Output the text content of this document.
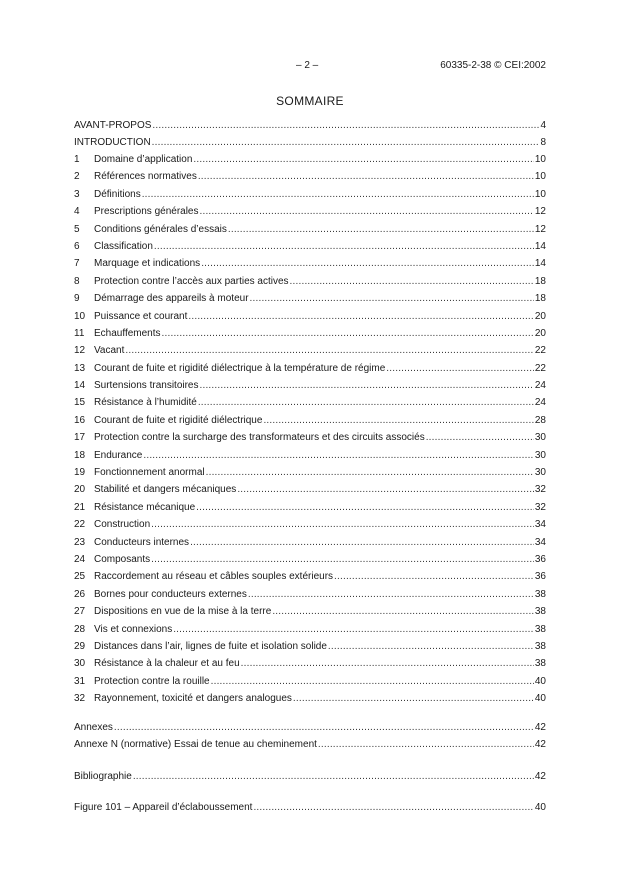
– 2 –	60335-2-38 © CEI:2002
SOMMAIRE
AVANT-PROPOS .....	4
INTRODUCTION .....	8
1	Domaine d’application .....	10
2	Références normatives .....	10
3	Définitions .....	10
4	Prescriptions générales .....	12
5	Conditions générales d’essais .....	12
6	Classification .....	14
7	Marquage et indications .....	14
8	Protection contre l’accès aux parties actives .....	18
9	Démarrage des appareils à moteur .....	18
10 Puissance et courant .....	20
11 Echauffements .....	20
12 Vacant .....	22
13 Courant de fuite et rigidité diélectrique à la température de régime .....	22
14 Surtensions transitoires .....	24
15 Résistance à l’humidité .....	24
16 Courant de fuite et rigidité diélectrique .....	28
17 Protection contre la surcharge des transformateurs et des circuits associés .....	30
18 Endurance .....	30
19 Fonctionnement anormal .....	30
20 Stabilité et dangers mécaniques .....	32
21 Résistance mécanique .....	32
22 Construction .....	34
23 Conducteurs internes .....	34
24 Composants .....	36
25 Raccordement au réseau et câbles souples extérieurs .....	36
26 Bornes pour conducteurs externes .....	38
27 Dispositions en vue de la mise à la terre .....	38
28 Vis et connexions .....	38
29 Distances dans l’air, lignes de fuite et isolation solide .....	38
30 Résistance à la chaleur et au feu .....	38
31 Protection contre la rouille .....	40
32 Rayonnement, toxicité et dangers analogues .....	40
Annexes .....	42
Annexe N (normative) Essai de tenue au cheminement .....	42
Bibliographie .....	42
Figure 101 – Appareil d’éclaboussement .....	40
